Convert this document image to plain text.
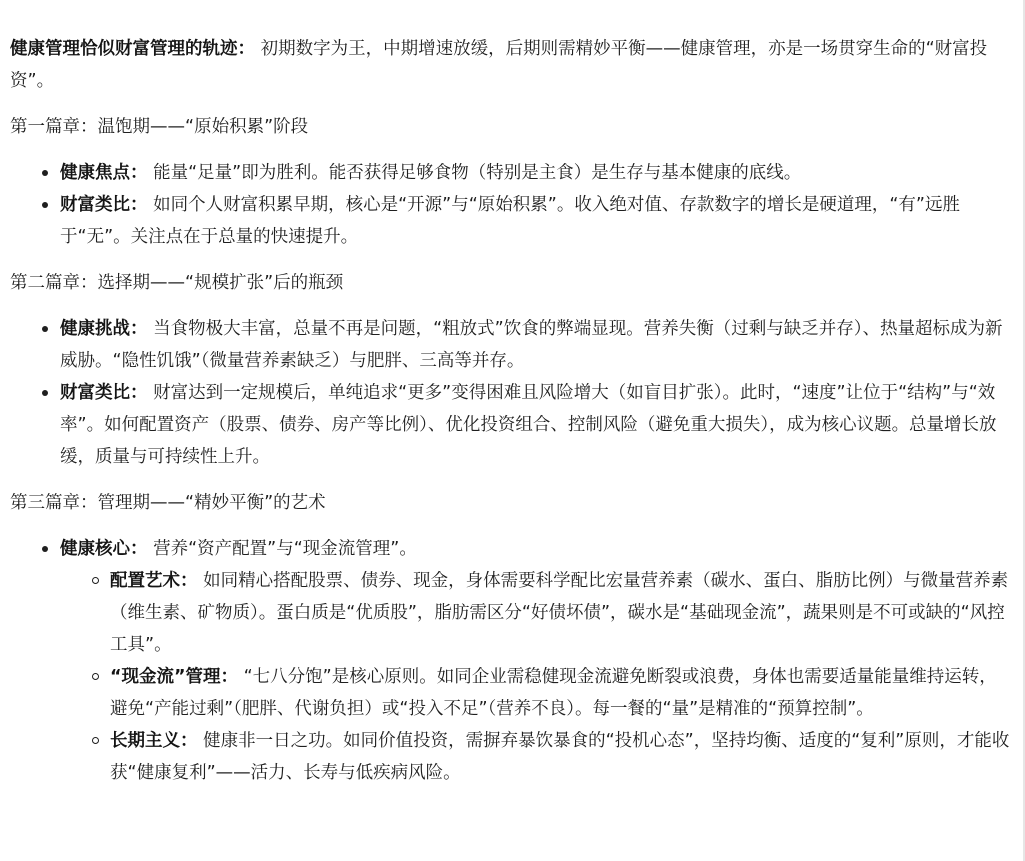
健康管理恰似财富管理的轨迹： 初期数字为王，中期增速放缓，后期则需精妙平衡——健康管理，亦是一场贯穿生命的“财富投资”。

第一篇章：温饱期——“原始积累”阶段

健康焦点： 能量“足量”即为胜利。能否获得足够食物（特别是主食）是生存与基本健康的底线。
财富类比： 如同个人财富积累早期，核心是“开源”与“原始积累”。收入绝对值、存款数字的增长是硬道理，“有”远胜于“无”。关注点在于总量的快速提升。

第二篇章：选择期——“规模扩张”后的瓶颈

健康挑战： 当食物极大丰富，总量不再是问题，“粗放式”饮食的弊端显现。营养失衡（过剩与缺乏并存）、热量超标成为新威胁。“隐性饥饿”（微量营养素缺乏）与肥胖、三高等并存。
财富类比： 财富达到一定规模后，单纯追求“更多”变得困难且风险增大（如盲目扩张）。此时，“速度”让位于“结构”与“效率”。如何配置资产（股票、债券、房产等比例）、优化投资组合、控制风险（避免重大损失），成为核心议题。总量增长放缓，质量与可持续性上升。

第三篇章：管理期——“精妙平衡”的艺术

健康核心： 营养“资产配置”与“现金流管理”。
配置艺术： 如同精心搭配股票、债券、现金，身体需要科学配比宏量营养素（碳水、蛋白、脂肪比例）与微量营养素（维生素、矿物质）。蛋白质是“优质股”，脂肪需区分“好债坏债”，碳水是“基础现金流”，蔬果则是不可或缺的“风控工具”。
“现金流”管理： “七八分饱”是核心原则。如同企业需稳健现金流避免断裂或浪费，身体也需要适量能量维持运转，避免“产能过剩”（肥胖、代谢负担）或“投入不足”（营养不良）。每一餐的“量”是精准的“预算控制”。
长期主义： 健康非一日之功。如同价值投资，需摒弃暴饮暴食的“投机心态”，坚持均衡、适度的“复利”原则，才能收获“健康复利”——活力、长寿与低疾病风险。
